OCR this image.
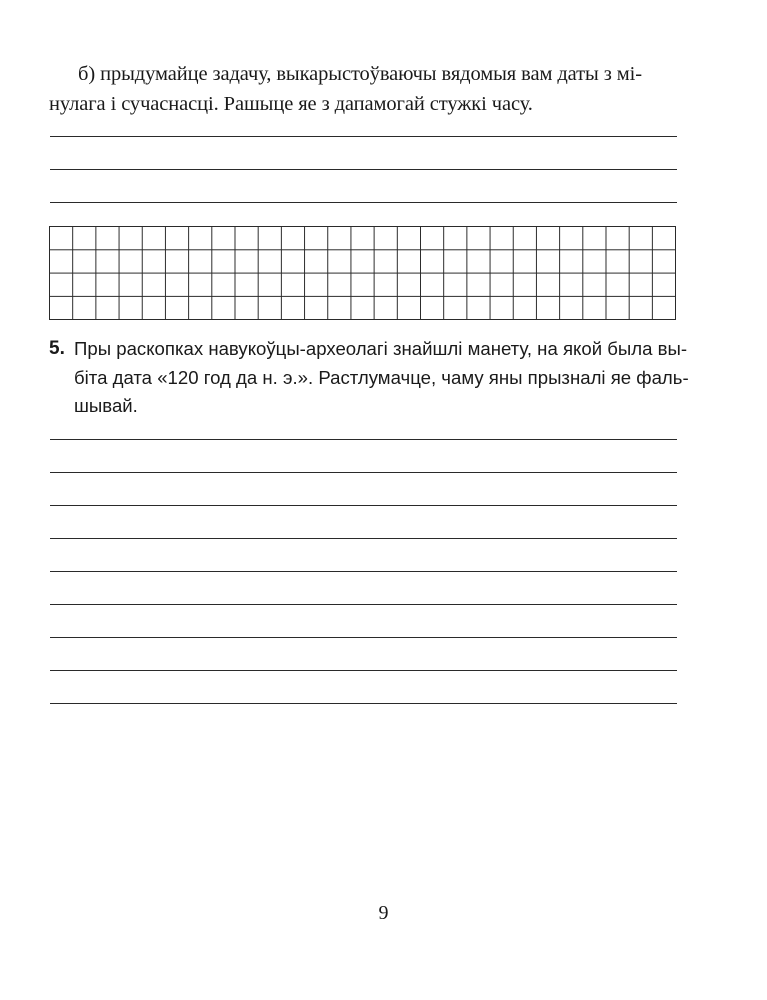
б) прыдумайце задачу, выкарыстоўваючы вядомыя вам даты з мі-
нулага і сучаснасці. Рашыце яе з дапамогай стужкі часу.
5. Пры раскопках навукоўцы-археолагі знайшлі манету, на якой была вы-
біта дата «120 год да н. э.». Растлумачце, чаму яны прызналі яе фаль-
шывай.
9
